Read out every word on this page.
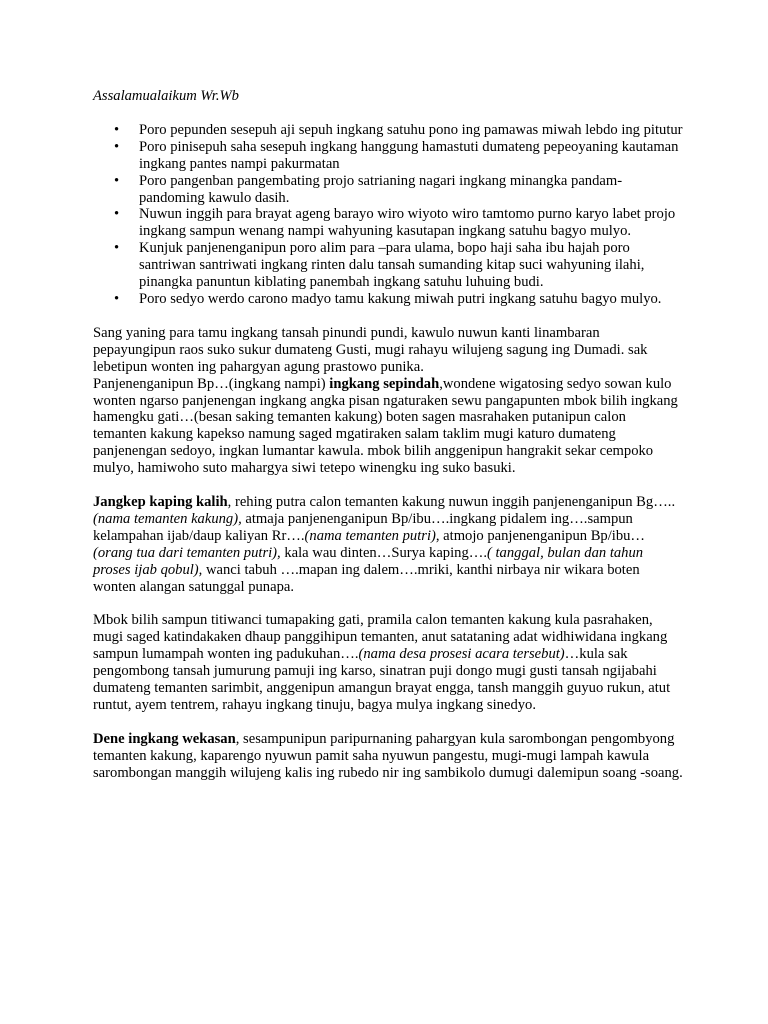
Assalamualaikum Wr.Wb
• Poro pepunden sesepuh aji sepuh ingkang satuhu pono ing pamawas miwah lebdo ing pitutur
• Poro pinisepuh saha sesepuh ingkang hanggung hamastuti dumateng pepeoyaning kautaman ingkang pantes nampi pakurmatan
• Poro pangenban pangembating projo satrianing nagari ingkang minangka pandam-pandoming kawulo dasih.
• Nuwun inggih para brayat ageng barayo wiro wiyoto wiro tamtomo purno karyo labet projo ingkang sampun wenang nampi wahyuning kasutapan ingkang satuhu bagyo mulyo.
• Kunjuk panjenenganipun poro alim para –para ulama, bopo haji saha ibu hajah poro santriwan santriwati ingkang rinten dalu tansah sumanding kitap suci wahyuning ilahi, pinangka panuntun kiblating panembah ingkang satuhu luhuing budi.
• Poro sedyo werdo carono madyo tamu kakung miwah putri ingkang satuhu bagyo mulyo.

Sang yaning para tamu ingkang tansah pinundi pundi, kawulo nuwun kanti linambaran pepayungipun raos suko sukur dumateng Gusti, mugi rahayu wilujeng sagung ing Dumadi. sak lebetipun wonten ing pahargyan agung prastowo punika.

Panjenenganipun Bp…(ingkang nampi) ingkang sepindah,wondene wigatosing sedyo sowan kulo wonten ngarso panjenengan ingkang angka pisan ngaturaken sewu pangapunten mbok bilih ingkang hamengku gati…(besan saking temanten kakung) boten sagen masrahaken putanipun calon temanten kakung kapekso namung saged mgatiraken salam taklim mugi katuro dumateng panjenengan sedoyo, ingkan lumantar kawula. mbok bilih anggenipun hangrakit sekar cempoko mulyo, hamiwoho suto mahargya siwi tetepo winengku ing suko basuki.

Jangkep kaping kalih, rehing putra calon temanten kakung nuwun inggih panjenenganipun Bg…..(nama temanten kakung), atmaja panjenenganipun Bp/ibu….ingkang pidalem ing….sampun kelampahan ijab/daup kaliyan Rr….(nama temanten putri), atmojo panjenenganipun Bp/ibu…(orang tua dari temanten putri), kala wau dinten…Surya kaping….( tanggal, bulan dan tahun proses ijab qobul), wanci tabuh ….mapan ing dalem….mriki, kanthi nirbaya nir wikara boten wonten alangan satunggal punapa.

Mbok bilih sampun titiwanci tumapaking gati, pramila calon temanten kakung kula pasrahaken, mugi saged katindakaken dhaup panggihipun temanten, anut satataning adat widhiwidana ingkang sampun lumampah wonten ing padukuhan….(nama desa prosesi acara tersebut)…kula sak pengombong tansah jumurung pamuji ing karso, sinatran puji dongo mugi gusti tansah ngijabahi dumateng temanten sarimbit, anggenipun amangun brayat engga, tansh manggih guyuo rukun, atut runtut, ayem tentrem, rahayu ingkang tinuju, bagya mulya ingkang sinedyo.

Dene ingkang wekasan, sesampunipun paripurnaning pahargyan kula sarombongan pengombyong temanten kakung, kaparengo nyuwun pamit saha nyuwun pangestu, mugi-mugi lampah kawula sarombongan manggih wilujeng kalis ing rubedo nir ing sambikolo dumugi dalemipun soang -soang.
